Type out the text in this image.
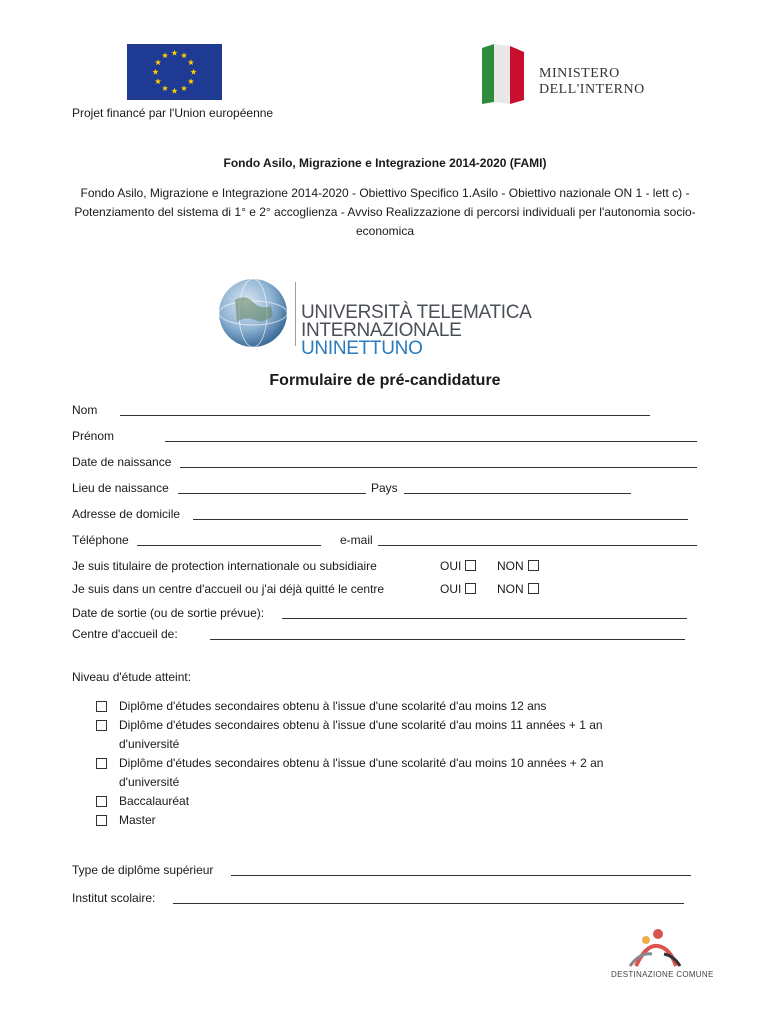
Projet financé par l'Union européenne
MINISTERO
DELL'INTERNO
Fondo Asilo, Migrazione e Integrazione 2014-2020 (FAMI)
Fondo Asilo, Migrazione e Integrazione 2014-2020 - Obiettivo Specifico 1.Asilo - Obiettivo nazionale ON 1 - lett c) - Potenziamento del sistema di 1° e 2° accoglienza - Avviso Realizzazione di percorsi individuali per l'autonomia socio-economica
UNIVERSITÀ TELEMATICA
INTERNAZIONALE UNINETTUNO
Formulaire de pré-candidature
Nom
Prénom
Date de naissance
Lieu de naissance	Pays
Adresse de domicile
Téléphone	e-mail
Je suis titulaire de protection internationale ou subsidiaire	OUI	NON
Je suis dans un centre d'accueil ou j'ai déjà quitté le centre	OUI	NON
Date de sortie (ou de sortie prévue):
Centre d'accueil de:
Niveau d'étude atteint:
Diplôme d'études secondaires obtenu à l'issue d'une scolarité d'au moins 12 ans
Diplôme d'études secondaires obtenu à l'issue d'une scolarité d'au moins 11 années + 1 an d'université
Diplôme d'études secondaires obtenu à l'issue d'une scolarité d'au moins 10 années + 2 an d'université
Baccalauréat
Master
Type de diplôme supérieur
Institut scolaire:
DESTINAZIONE COMUNE
